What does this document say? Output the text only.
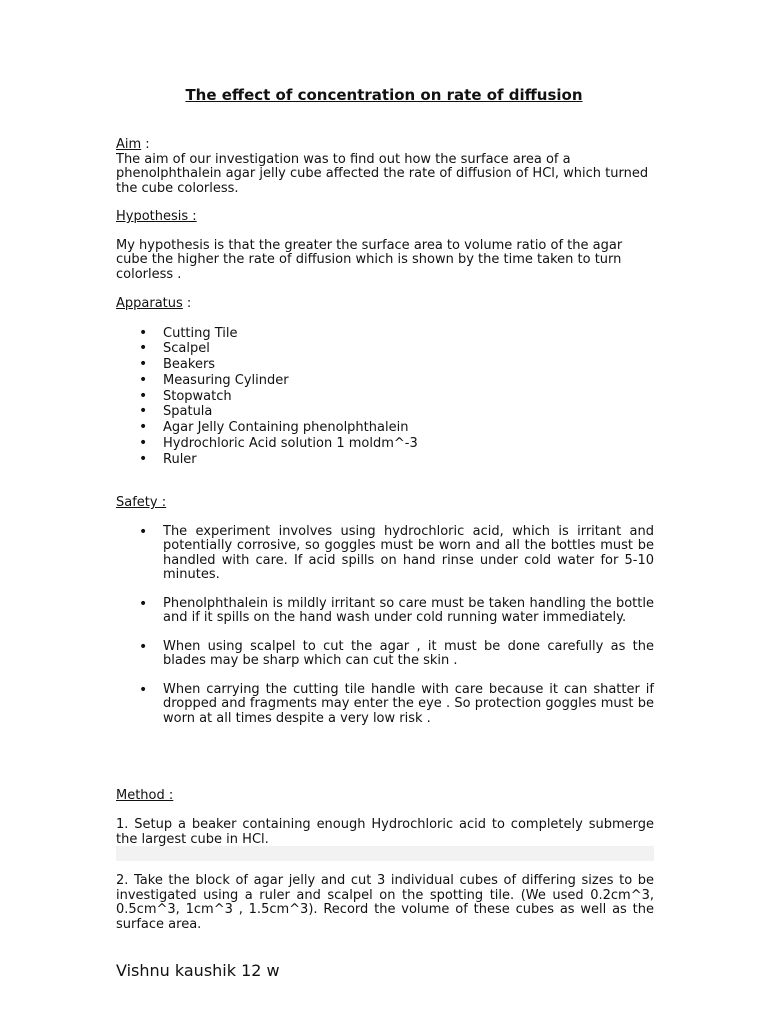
The effect of concentration on rate of diffusion
Aim :
The aim of our investigation was to find out how the surface area of a phenolphthalein agar jelly cube affected the rate of diffusion of HCl, which turned the cube colorless.
Hypothesis :
My hypothesis is that the greater the surface area to volume ratio of the agar cube the higher the rate of diffusion which is shown by the time taken to turn colorless .
Apparatus :
• Cutting Tile
• Scalpel
• Beakers
• Measuring Cylinder
• Stopwatch
• Spatula
• Agar Jelly Containing phenolphthalein
• Hydrochloric Acid solution 1 moldm^-3
• Ruler
Safety :
• The experiment involves using hydrochloric acid, which is irritant and potentially corrosive, so goggles must be worn and all the bottles must be handled with care. If acid spills on hand rinse under cold water for 5-10 minutes.
• Phenolphthalein is mildly irritant so care must be taken handling the bottle and if it spills on the hand wash under cold running water immediately.
• When using scalpel to cut the agar , it must be done carefully as the blades may be sharp which can cut the skin .
• When carrying the cutting tile handle with care because it can shatter if dropped and fragments may enter the eye . So protection goggles must be worn at all times despite a very low risk .
Method :
1. Setup a beaker containing enough Hydrochloric acid to completely submerge the largest cube in HCl.
2. Take the block of agar jelly and cut 3 individual cubes of differing sizes to be investigated using a ruler and scalpel on the spotting tile. (We used 0.2cm^3, 0.5cm^3, 1cm^3 , 1.5cm^3). Record the volume of these cubes as well as the surface area.
Vishnu kaushik 12 w
